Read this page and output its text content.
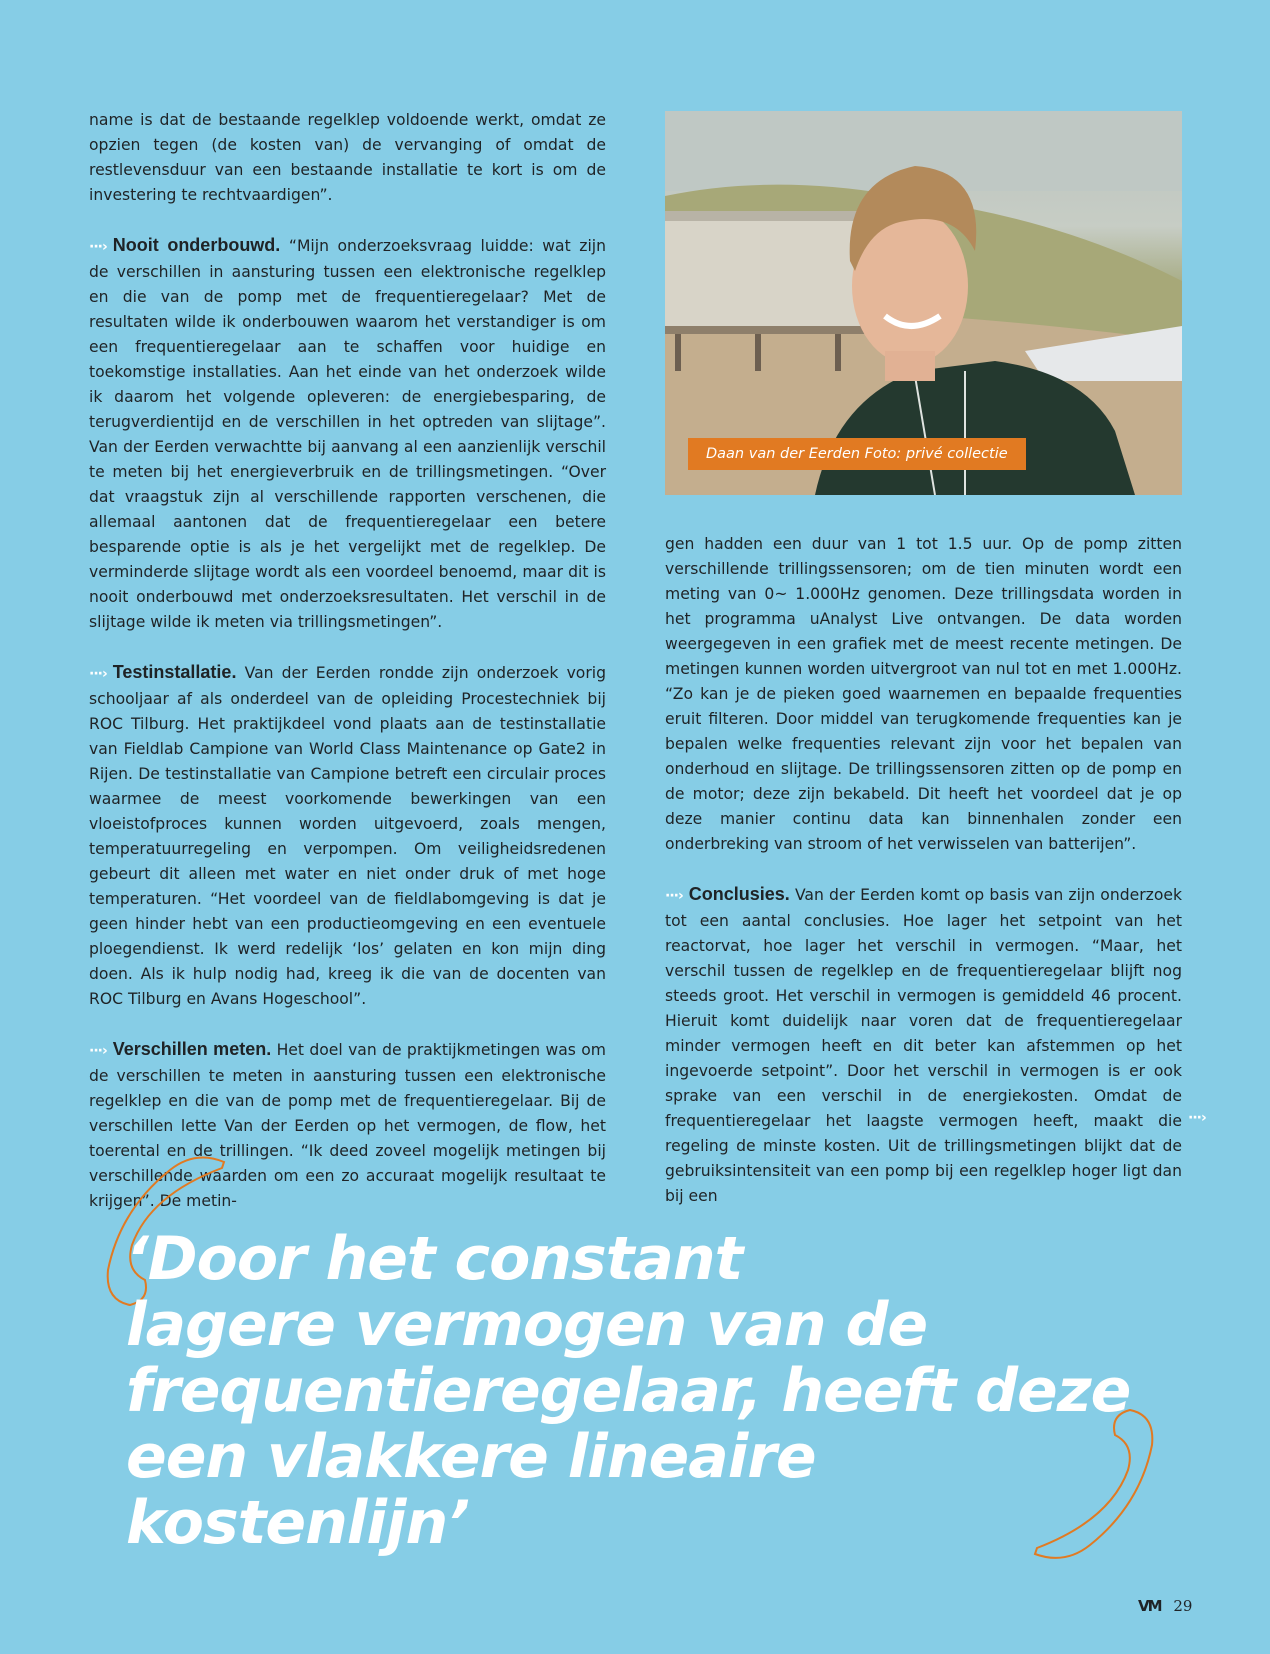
name is dat de bestaande regelklep voldoende werkt, omdat ze opzien tegen (de kosten van) de vervanging of omdat de restlevensduur van een bestaande installatie te kort is om de investering te rechtvaardigen”.

···› Nooit onderbouwd. “Mijn onderzoeksvraag luidde: wat zijn de verschillen in aansturing tussen een elektronische regelklep en die van de pomp met de frequentieregelaar? Met de resultaten wilde ik onderbouwen waarom het verstandiger is om een frequentieregelaar aan te schaffen voor huidige en toekomstige installaties. Aan het einde van het onderzoek wilde ik daarom het volgende opleveren: de energiebesparing, de terugverdientijd en de verschillen in het optreden van slijtage”. Van der Eerden verwachtte bij aanvang al een aanzienlijk verschil te meten bij het energieverbruik en de trillingsmetingen. “Over dat vraagstuk zijn al verschillende rapporten verschenen, die allemaal aantonen dat de frequentieregelaar een betere besparende optie is als je het vergelijkt met de regelklep. De verminderde slijtage wordt als een voordeel benoemd, maar dit is nooit onderbouwd met onderzoeksresultaten. Het verschil in de slijtage wilde ik meten via trillingsmetingen”.

···› Testinstallatie. Van der Eerden rondde zijn onderzoek vorig schooljaar af als onderdeel van de opleiding Procestechniek bij ROC Tilburg. Het praktijkdeel vond plaats aan de testinstallatie van Fieldlab Campione van World Class Maintenance op Gate2 in Rijen. De testinstallatie van Campione betreft een circulair proces waarmee de meest voorkomende bewerkingen van een vloeistofproces kunnen worden uitgevoerd, zoals mengen, temperatuurregeling en verpompen. Om veiligheidsredenen gebeurt dit alleen met water en niet onder druk of met hoge temperaturen. “Het voordeel van de fieldlabomgeving is dat je geen hinder hebt van een productieomgeving en een eventuele ploegendienst. Ik werd redelijk ‘los’ gelaten en kon mijn ding doen. Als ik hulp nodig had, kreeg ik die van de docenten van ROC Tilburg en Avans Hogeschool”.

···› Verschillen meten. Het doel van de praktijkmetingen was om de verschillen te meten in aansturing tussen een elektronische regelklep en die van de pomp met de frequentieregelaar. Bij de verschillen lette Van der Eerden op het vermogen, de flow, het toerental en de trillingen. “Ik deed zoveel mogelijk metingen bij verschillende waarden om een zo accuraat mogelijk resultaat te krijgen”. De metin-

Daan van der Eerden Foto: privé collectie

gen hadden een duur van 1 tot 1.5 uur. Op de pomp zitten verschillende trillingssensoren; om de tien minuten wordt een meting van 0~ 1.000Hz genomen. Deze trillingsdata worden in het programma uAnalyst Live ontvangen. De data worden weergegeven in een grafiek met de meest recente metingen. De metingen kunnen worden uitvergroot van nul tot en met 1.000Hz. “Zo kan je de pieken goed waarnemen en bepaalde frequenties eruit filteren. Door middel van terugkomende frequenties kan je bepalen welke frequenties relevant zijn voor het bepalen van onderhoud en slijtage. De trillingssensoren zitten op de pomp en de motor; deze zijn bekabeld. Dit heeft het voordeel dat je op deze manier continu data kan binnenhalen zonder een onderbreking van stroom of het verwisselen van batterijen”.

···› Conclusies. Van der Eerden komt op basis van zijn onderzoek tot een aantal conclusies. Hoe lager het setpoint van het reactorvat, hoe lager het verschil in vermogen. “Maar, het verschil tussen de regelklep en de frequentieregelaar blijft nog steeds groot. Het verschil in vermogen is gemiddeld 46 procent. Hieruit komt duidelijk naar voren dat de frequentieregelaar minder vermogen heeft en dit beter kan afstemmen op het ingevoerde setpoint”. Door het verschil in vermogen is er ook sprake van een verschil in de energiekosten. Omdat de frequentieregelaar het laagste vermogen heeft, maakt die regeling de minste kosten. Uit de trillingsmetingen blijkt dat de gebruiksintensiteit van een pomp bij een regelklep hoger ligt dan bij een

···›
‘Door het constant
lagere vermogen van de
frequentieregelaar, heeft deze
een vlakkere lineaire kostenlijn’
VM 29
